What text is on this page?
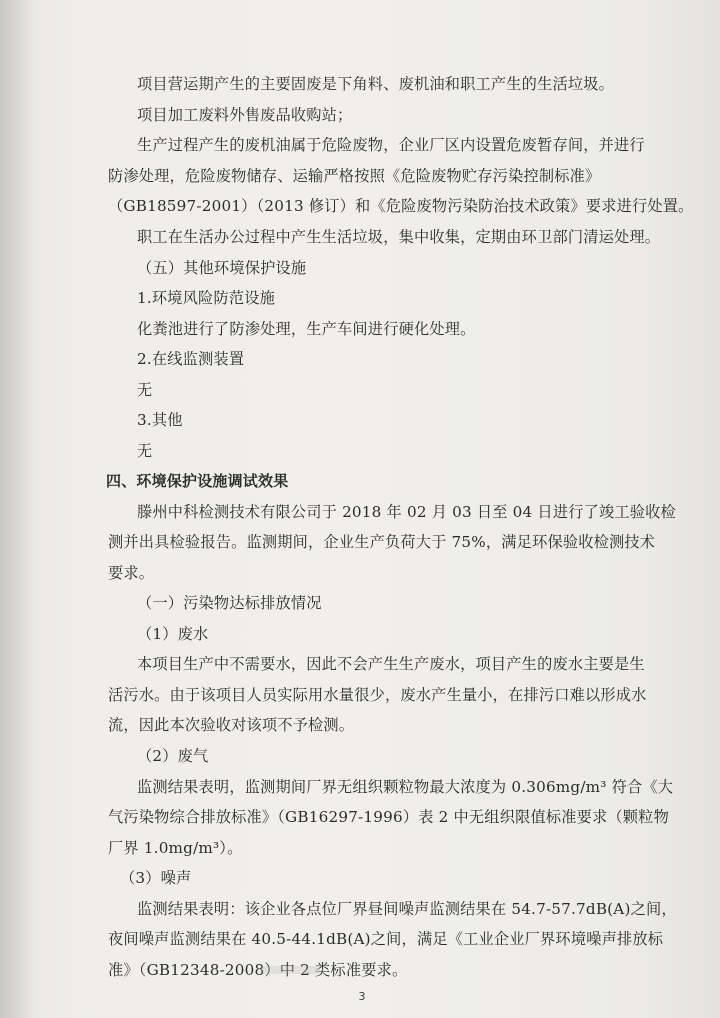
项目营运期产生的主要固废是下角料、废机油和职工产生的生活垃圾。
项目加工废料外售废品收购站；
生产过程产生的废机油属于危险废物，企业厂区内设置危废暂存间，并进行
防渗处理，危险废物储存、运输严格按照《危险废物贮存污染控制标准》
（GB18597-2001）（2013 修订）和《危险废物污染防治技术政策》要求进行处置。
职工在生活办公过程中产生生活垃圾，集中收集，定期由环卫部门清运处理。
（五）其他环境保护设施
1.环境风险防范设施
化粪池进行了防渗处理，生产车间进行硬化处理。
2.在线监测装置
无
3.其他
无
四、环境保护设施调试效果
滕州中科检测技术有限公司于 2018 年 02 月 03 日至 04 日进行了竣工验收检
测并出具检验报告。监测期间，企业生产负荷大于 75%，满足环保验收检测技术
要求。
（一）污染物达标排放情况
（1）废水
本项目生产中不需要水，因此不会产生生产废水，项目产生的废水主要是生
活污水。由于该项目人员实际用水量很少，废水产生量小，在排污口难以形成水
流，因此本次验收对该项不予检测。
（2）废气
监测结果表明，监测期间厂界无组织颗粒物最大浓度为 0.306mg/m³ 符合《大
气污染物综合排放标准》（GB16297-1996）表 2 中无组织限值标准要求（颗粒物
厂界 1.0mg/m³）。
（3）噪声
监测结果表明：该企业各点位厂界昼间噪声监测结果在 54.7-57.7dB(A)之间，
夜间噪声监测结果在 40.5-44.1dB(A)之间，满足《工业企业厂界环境噪声排放标
准》（GB12348-2008）中 2 类标准要求。
3
